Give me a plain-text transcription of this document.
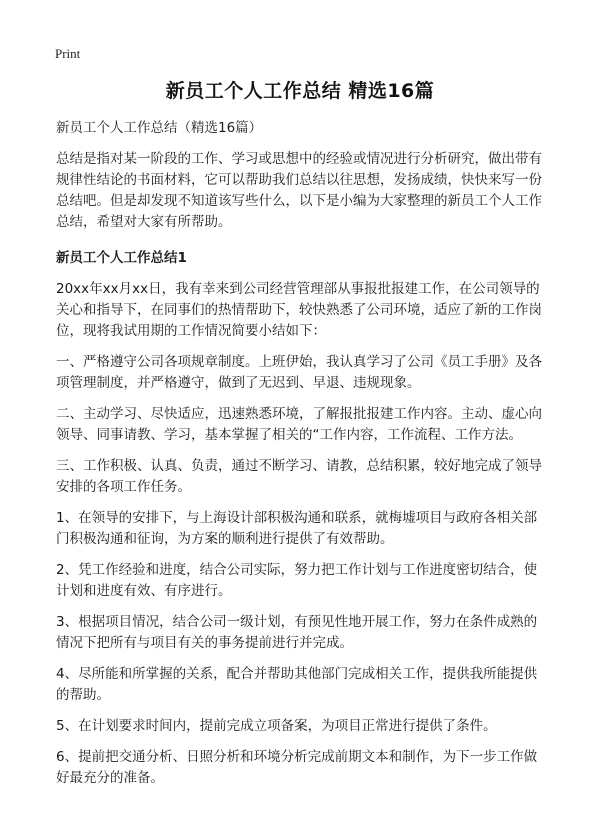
Print
新员工个人工作总结 精选16篇

新员工个人工作总结（精选16篇）

总结是指对某一阶段的工作、学习或思想中的经验或情况进行分析研究，做出带有规律性结论的书面材料，它可以帮助我们总结以往思想，发扬成绩，快快来写一份总结吧。但是却发现不知道该写些什么，以下是小编为大家整理的新员工个人工作总结，希望对大家有所帮助。

新员工个人工作总结1

20xx年xx月xx日，我有幸来到公司经营管理部从事报批报建工作，在公司领导的关心和指导下，在同事们的热情帮助下，较快熟悉了公司环境，适应了新的工作岗位，现将我试用期的工作情况简要小结如下：

一、严格遵守公司各项规章制度。上班伊始，我认真学习了公司《员工手册》及各项管理制度，并严格遵守，做到了无迟到、早退、违规现象。

二、主动学习、尽快适应，迅速熟悉环境，了解报批报建工作内容。主动、虚心向领导、同事请教、学习，基本掌握了相关的“工作内容，工作流程、工作方法。

三、工作积极、认真、负责，通过不断学习、请教，总结积累，较好地完成了领导安排的各项工作任务。

1、在领导的安排下，与上海设计部积极沟通和联系，就梅墟项目与政府各相关部门积极沟通和征询，为方案的顺利进行提供了有效帮助。

2、凭工作经验和进度，结合公司实际，努力把工作计划与工作进度密切结合，使计划和进度有效、有序进行。

3、根据项目情况，结合公司一级计划，有预见性地开展工作，努力在条件成熟的情况下把所有与项目有关的事务提前进行并完成。

4、尽所能和所掌握的关系，配合并帮助其他部门完成相关工作，提供我所能提供的帮助。

5、在计划要求时间内，提前完成立项备案，为项目正常进行提供了条件。

6、提前把交通分析、日照分析和环境分析完成前期文本和制作，为下一步工作做好最充分的准备。
